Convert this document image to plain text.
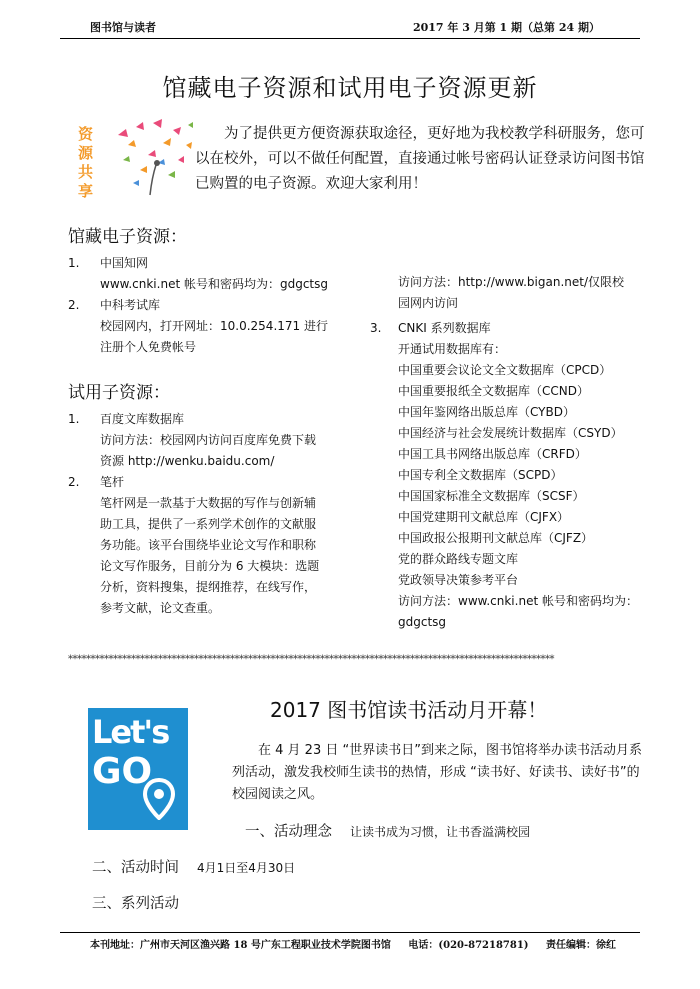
图书馆与读者	2017 年 3 月第 1 期（总第 24 期）
馆藏电子资源和试用电子资源更新
资源共享

为了提供更方便资源获取途径，更好地为我校教学科研服务，您可以在校外，可以不做任何配置，直接通过帐号密码认证登录访问图书馆已购置的电子资源。欢迎大家利用！

馆藏电子资源：
1. 中国知网
www.cnki.net 帐号和密码均为：gdgctsg
2. 中科考试库
校园网内，打开网址：10.0.254.171 进行
注册个人免费帐号
试用子资源：
1. 百度文库数据库
访问方法：校园网内访问百度库免费下载
资源 http://wenku.baidu.com/
2. 笔杆
笔杆网是一款基于大数据的写作与创新辅
助工具，提供了一系列学术创作的文献服
务功能。该平台围绕毕业论文写作和职称
论文写作服务，目前分为 6 大模块：选题
分析，资料搜集，提纲推荐，在线写作，
参考文献，论文查重。
访问方法：http://www.bigan.net/仅限校
园网内访问
3. CNKI 系列数据库
开通试用数据库有：
中国重要会议论文全文数据库（CPCD）
中国重要报纸全文数据库（CCND）
中国年鉴网络出版总库（CYBD）
中国经济与社会发展统计数据库（CSYD）
中国工具书网络出版总库（CRFD）
中国专利全文数据库（SCPD）
中国国家标准全文数据库（SCSF）
中国党建期刊文献总库（CJFX）
中国政报公报期刊文献总库（CJFZ）
党的群众路线专题文库
党政领导决策参考平台
访问方法：www.cnki.net 帐号和密码均为：
gdgctsg
************************************************************************************************************
Let's
GO
2017 图书馆读书活动月开幕！

在 4 月 23 日 “世界读书日”到来之际，图书馆将举办读书活动月系列活动，激发我校师生读书的热情，形成 “读书好、好读书、读好书”的校园阅读之风。

一、活动理念 让读书成为习惯，让书香溢满校园
二、活动时间 4月1日至4月30日
三、系列活动
本刊地址：广州市天河区渔兴路 18 号广东工程职业技术学院图书馆 电话：(020-87218781) 责任编辑：徐红
